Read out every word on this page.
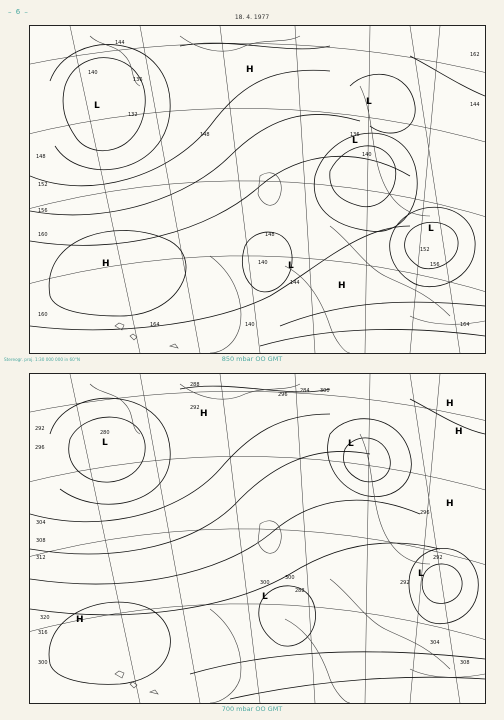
– 6 –
18. 4. 1977
144
140
136
132
148
152
156
160
164	140
148
160
144
140
164
162
144
148
140
136
152
156
L
L
L
L
L
H
H
H
Stereogr. proj. 1:30 000 000 in 60°N	850 mbar OO GMT
288
292
296
300
304
308
312
316
292
296
300
284
280
288
296
292
300
304
308
320
300	292
L
L
L
L
H
H
H
H
H
700 mbar OO GMT
